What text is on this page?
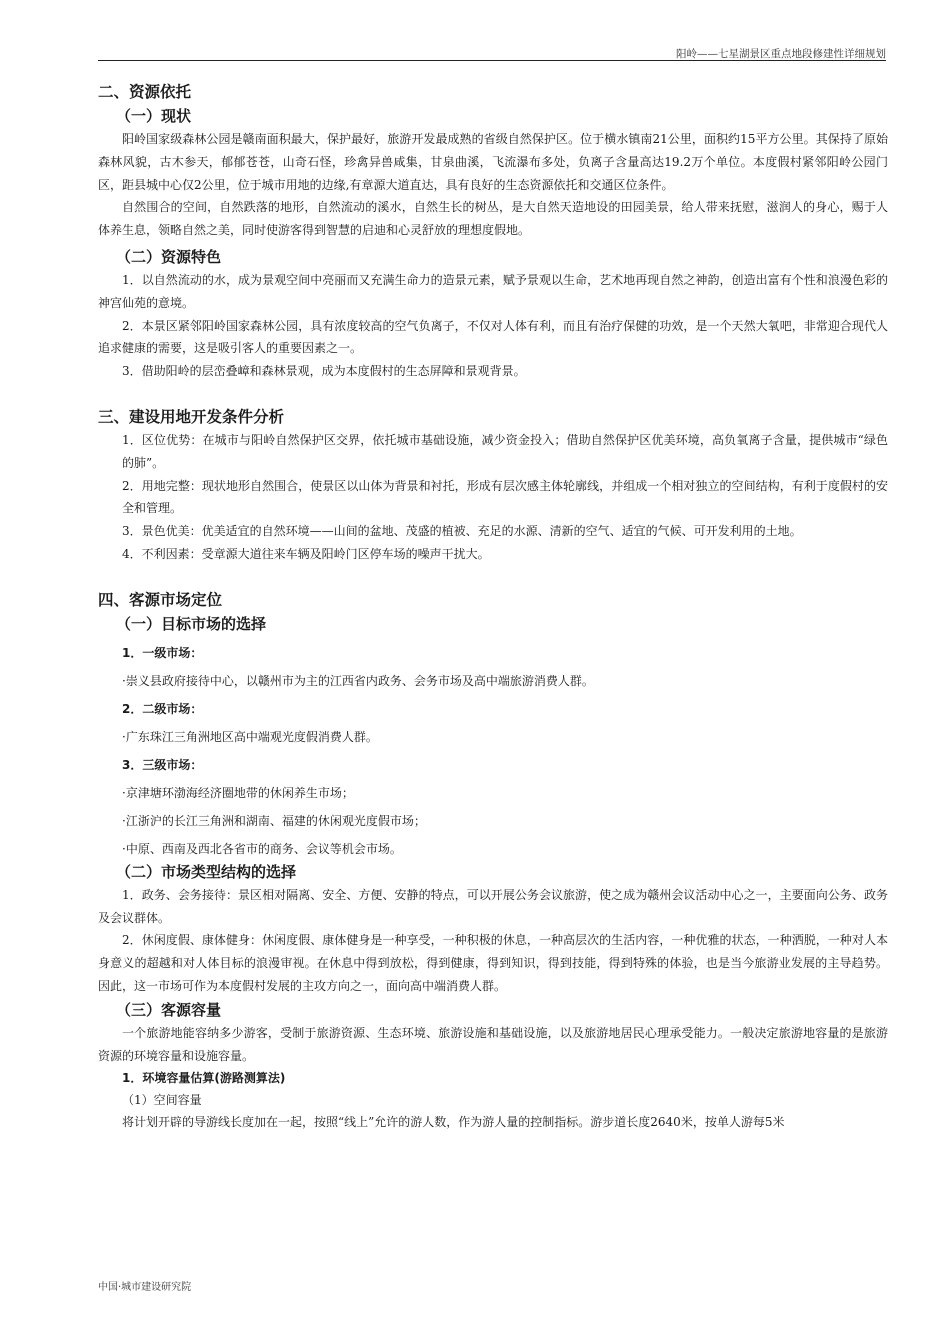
阳岭——七星湖景区重点地段修建性详细规划
二、资源依托
（一）现状

阳岭国家级森林公园是赣南面积最大，保护最好，旅游开发最成熟的省级自然保护区。位于横水镇南21公里，面积约15平方公里。其保持了原始森林风貌，古木参天，郁郁苍苍，山奇石怪，珍禽异兽咸集，甘泉曲溪，飞流瀑布多处，负离子含量高达19.2万个单位。本度假村紧邻阳岭公园门区，距县城中心仅2公里，位于城市用地的边缘,有章源大道直达，具有良好的生态资源依托和交通区位条件。

自然围合的空间，自然跌落的地形，自然流动的溪水，自然生长的树丛，是大自然天造地设的田园美景，给人带来抚慰，滋润人的身心，赐于人体养生息，领略自然之美，同时使游客得到智慧的启迪和心灵舒放的理想度假地。

（二）资源特色

1．以自然流动的水，成为景观空间中亮丽而又充满生命力的造景元素，赋予景观以生命，艺术地再现自然之神韵，创造出富有个性和浪漫色彩的神宫仙苑的意境。

2．本景区紧邻阳岭国家森林公园，具有浓度较高的空气负离子，不仅对人体有利，而且有治疗保健的功效，是一个天然大氧吧，非常迎合现代人追求健康的需要，这是吸引客人的重要因素之一。

3．借助阳岭的层峦叠嶂和森林景观，成为本度假村的生态屏障和景观背景。

三、建设用地开发条件分析

1．区位优势：在城市与阳岭自然保护区交界，依托城市基础设施，减少资金投入；借助自然保护区优美环境，高负氧离子含量，提供城市“绿色的肺”。

2．用地完整：现状地形自然围合，使景区以山体为背景和衬托，形成有层次感主体轮廓线，并组成一个相对独立的空间结构，有利于度假村的安全和管理。

3．景色优美：优美适宜的自然环境——山间的盆地、茂盛的植被、充足的水源、清新的空气、适宜的气候、可开发利用的土地。

4．不利因素：受章源大道往来车辆及阳岭门区停车场的噪声干扰大。

四、客源市场定位
（一）目标市场的选择

1．一级市场：

·崇义县政府接待中心，以赣州市为主的江西省内政务、会务市场及高中端旅游消费人群。

2．二级市场：

·广东珠江三角洲地区高中端观光度假消费人群。

3．三级市场：

·京津塘环渤海经济圈地带的休闲养生市场；

·江浙沪的长江三角洲和湖南、福建的休闲观光度假市场；

·中原、西南及西北各省市的商务、会议等机会市场。

（二）市场类型结构的选择

1．政务、会务接待：景区相对隔离、安全、方便、安静的特点，可以开展公务会议旅游，使之成为赣州会议活动中心之一，主要面向公务、政务及会议群体。

2．休闲度假、康体健身：休闲度假、康体健身是一种享受，一种积极的休息，一种高层次的生活内容，一种优雅的状态，一种洒脱，一种对人本身意义的超越和对人体目标的浪漫审视。在休息中得到放松，得到健康，得到知识，得到技能，得到特殊的体验，也是当今旅游业发展的主导趋势。因此，这一市场可作为本度假村发展的主攻方向之一，面向高中端消费人群。

（三）客源容量

一个旅游地能容纳多少游客，受制于旅游资源、生态环境、旅游设施和基础设施，以及旅游地居民心理承受能力。一般决定旅游地容量的是旅游资源的环境容量和设施容量。

1．环境容量估算(游路测算法)

（1）空间容量

将计划开辟的导游线长度加在一起，按照“线上”允许的游人数，作为游人量的控制指标。游步道长度2640米，按单人游每5米

中国·城市建设研究院
